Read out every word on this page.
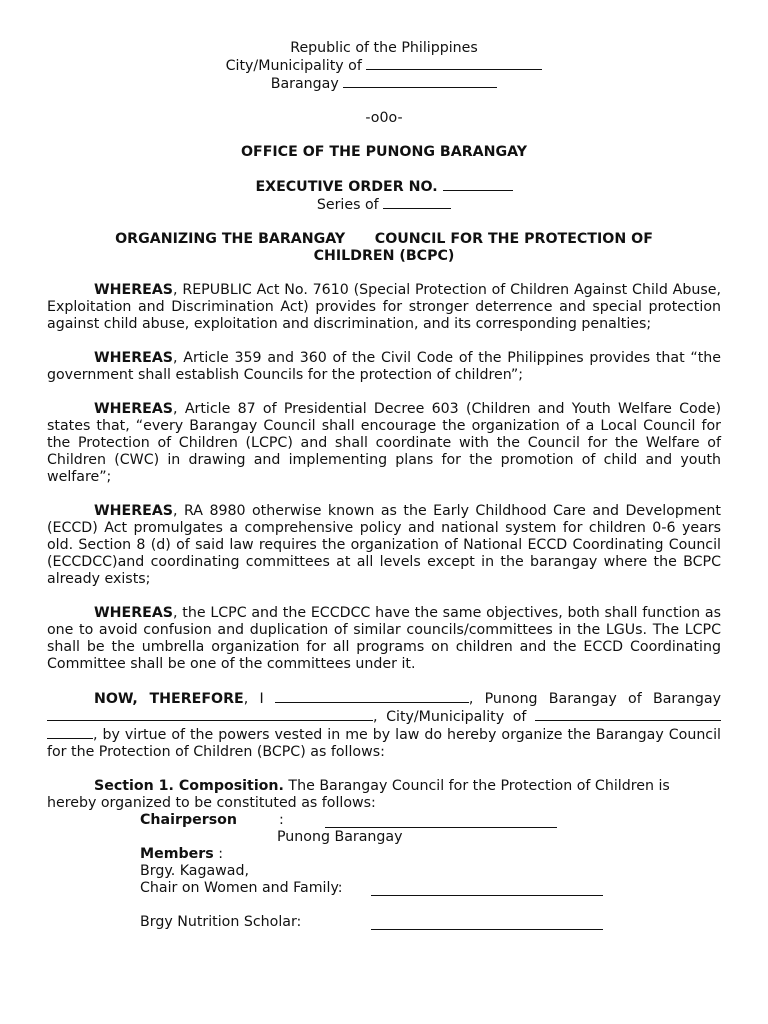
Republic of the Philippines

City/Municipality of

Barangay

-o0o-

OFFICE OF THE PUNONG BARANGAY

EXECUTIVE ORDER NO.

Series of

ORGANIZING THE BARANGAY      COUNCIL FOR THE PROTECTION OF CHILDREN (BCPC)

WHEREAS, REPUBLIC Act No. 7610 (Special Protection of Children Against Child Abuse, Exploitation and Discrimination Act) provides for stronger deterrence and special protection against child abuse, exploitation and discrimination, and its corresponding penalties;

WHEREAS, Article 359 and 360 of the Civil Code of the Philippines provides that “the government shall establish Councils for the protection of children”;

WHEREAS, Article 87 of Presidential Decree 603 (Children and Youth Welfare Code) states that, “every Barangay Council shall encourage the organization of a Local Council for the Protection of Children (LCPC) and shall coordinate with the Council for the Welfare of Children (CWC) in drawing and implementing plans for the promotion of child and youth welfare”;

WHEREAS, RA 8980 otherwise known as the Early Childhood Care and Development (ECCD) Act promulgates a comprehensive policy and national system for children 0-6 years old. Section 8 (d) of said law requires the organization of National ECCD Coordinating Council (ECCDCC)and coordinating committees at all levels except in the barangay where the BCPC already exists;

WHEREAS, the LCPC and the ECCDCC have the same objectives, both shall function as one to avoid confusion and duplication of similar councils/committees in the LGUs. The LCPC shall be the umbrella organization for all programs on children and the ECCD Coordinating Committee shall be one of the committees under it.

NOW, THEREFORE, I	, Punong Barangay of Barangay , City/Municipality of  , by virtue of the powers vested in me by law do hereby organize the Barangay Council for the Protection of Children (BCPC) as follows:

Section 1. Composition. The Barangay Council for the Protection of Children is hereby organized to be constituted as follows:

Chairperson	:
Punong Barangay
Members :
Brgy. Kagawad,
Chair on Women and Family:
Brgy Nutrition Scholar:
